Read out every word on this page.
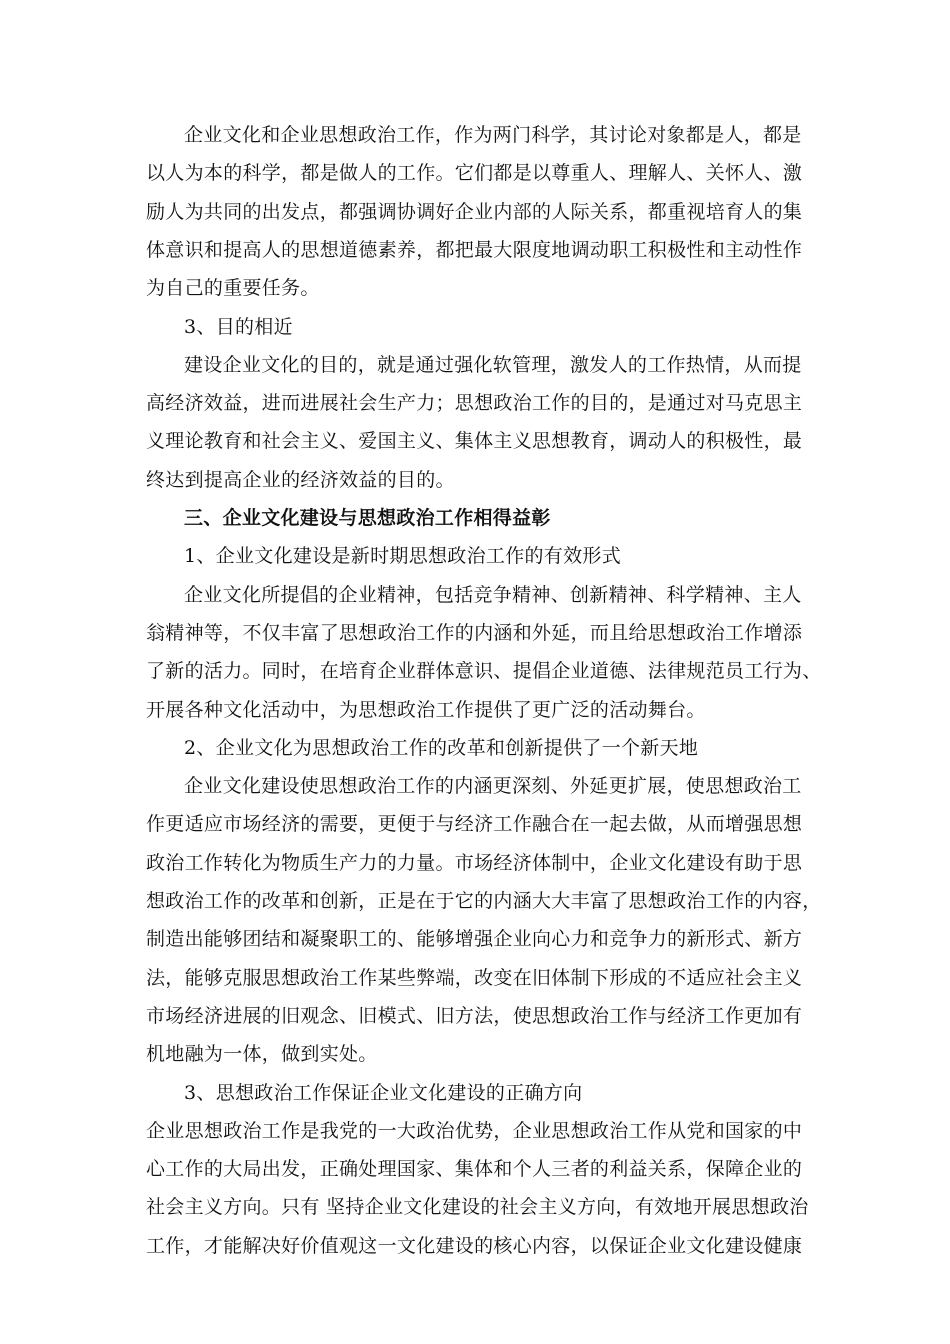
企业文化和企业思想政治工作，作为两门科学，其讨论对象都是人，都是
以人为本的科学，都是做人的工作。它们都是以尊重人、理解人、关怀人、激
励人为共同的出发点，都强调协调好企业内部的人际关系，都重视培育人的集
体意识和提高人的思想道德素养，都把最大限度地调动职工积极性和主动性作
为自己的重要任务。
3、目的相近
建设企业文化的目的，就是通过强化软管理，激发人的工作热情，从而提
高经济效益，进而进展社会生产力；思想政治工作的目的，是通过对马克思主
义理论教育和社会主义、爱国主义、集体主义思想教育，调动人的积极性，最
终达到提高企业的经济效益的目的。
三、企业文化建设与思想政治工作相得益彰
1、企业文化建设是新时期思想政治工作的有效形式
企业文化所提倡的企业精神，包括竞争精神、创新精神、科学精神、主人
翁精神等，不仅丰富了思想政治工作的内涵和外延，而且给思想政治工作增添
了新的活力。同时，在培育企业群体意识、提倡企业道德、法律规范员工行为、
开展各种文化活动中，为思想政治工作提供了更广泛的活动舞台。
2、企业文化为思想政治工作的改革和创新提供了一个新天地
企业文化建设使思想政治工作的内涵更深刻、外延更扩展，使思想政治工
作更适应市场经济的需要，更便于与经济工作融合在一起去做，从而增强思想
政治工作转化为物质生产力的力量。市场经济体制中，企业文化建设有助于思
想政治工作的改革和创新，正是在于它的内涵大大丰富了思想政治工作的内容，
制造出能够团结和凝聚职工的、能够增强企业向心力和竞争力的新形式、新方
法，能够克服思想政治工作某些弊端，改变在旧体制下形成的不适应社会主义
市场经济进展的旧观念、旧模式、旧方法，使思想政治工作与经济工作更加有
机地融为一体，做到实处。
3、思想政治工作保证企业文化建设的正确方向
企业思想政治工作是我党的一大政治优势，企业思想政治工作从党和国家的中
心工作的大局出发，正确处理国家、集体和个人三者的利益关系，保障企业的
社会主义方向。只有 坚持企业文化建设的社会主义方向，有效地开展思想政治
工作，才能解决好价值观这一文化建设的核心内容，以保证企业文化建设健康
